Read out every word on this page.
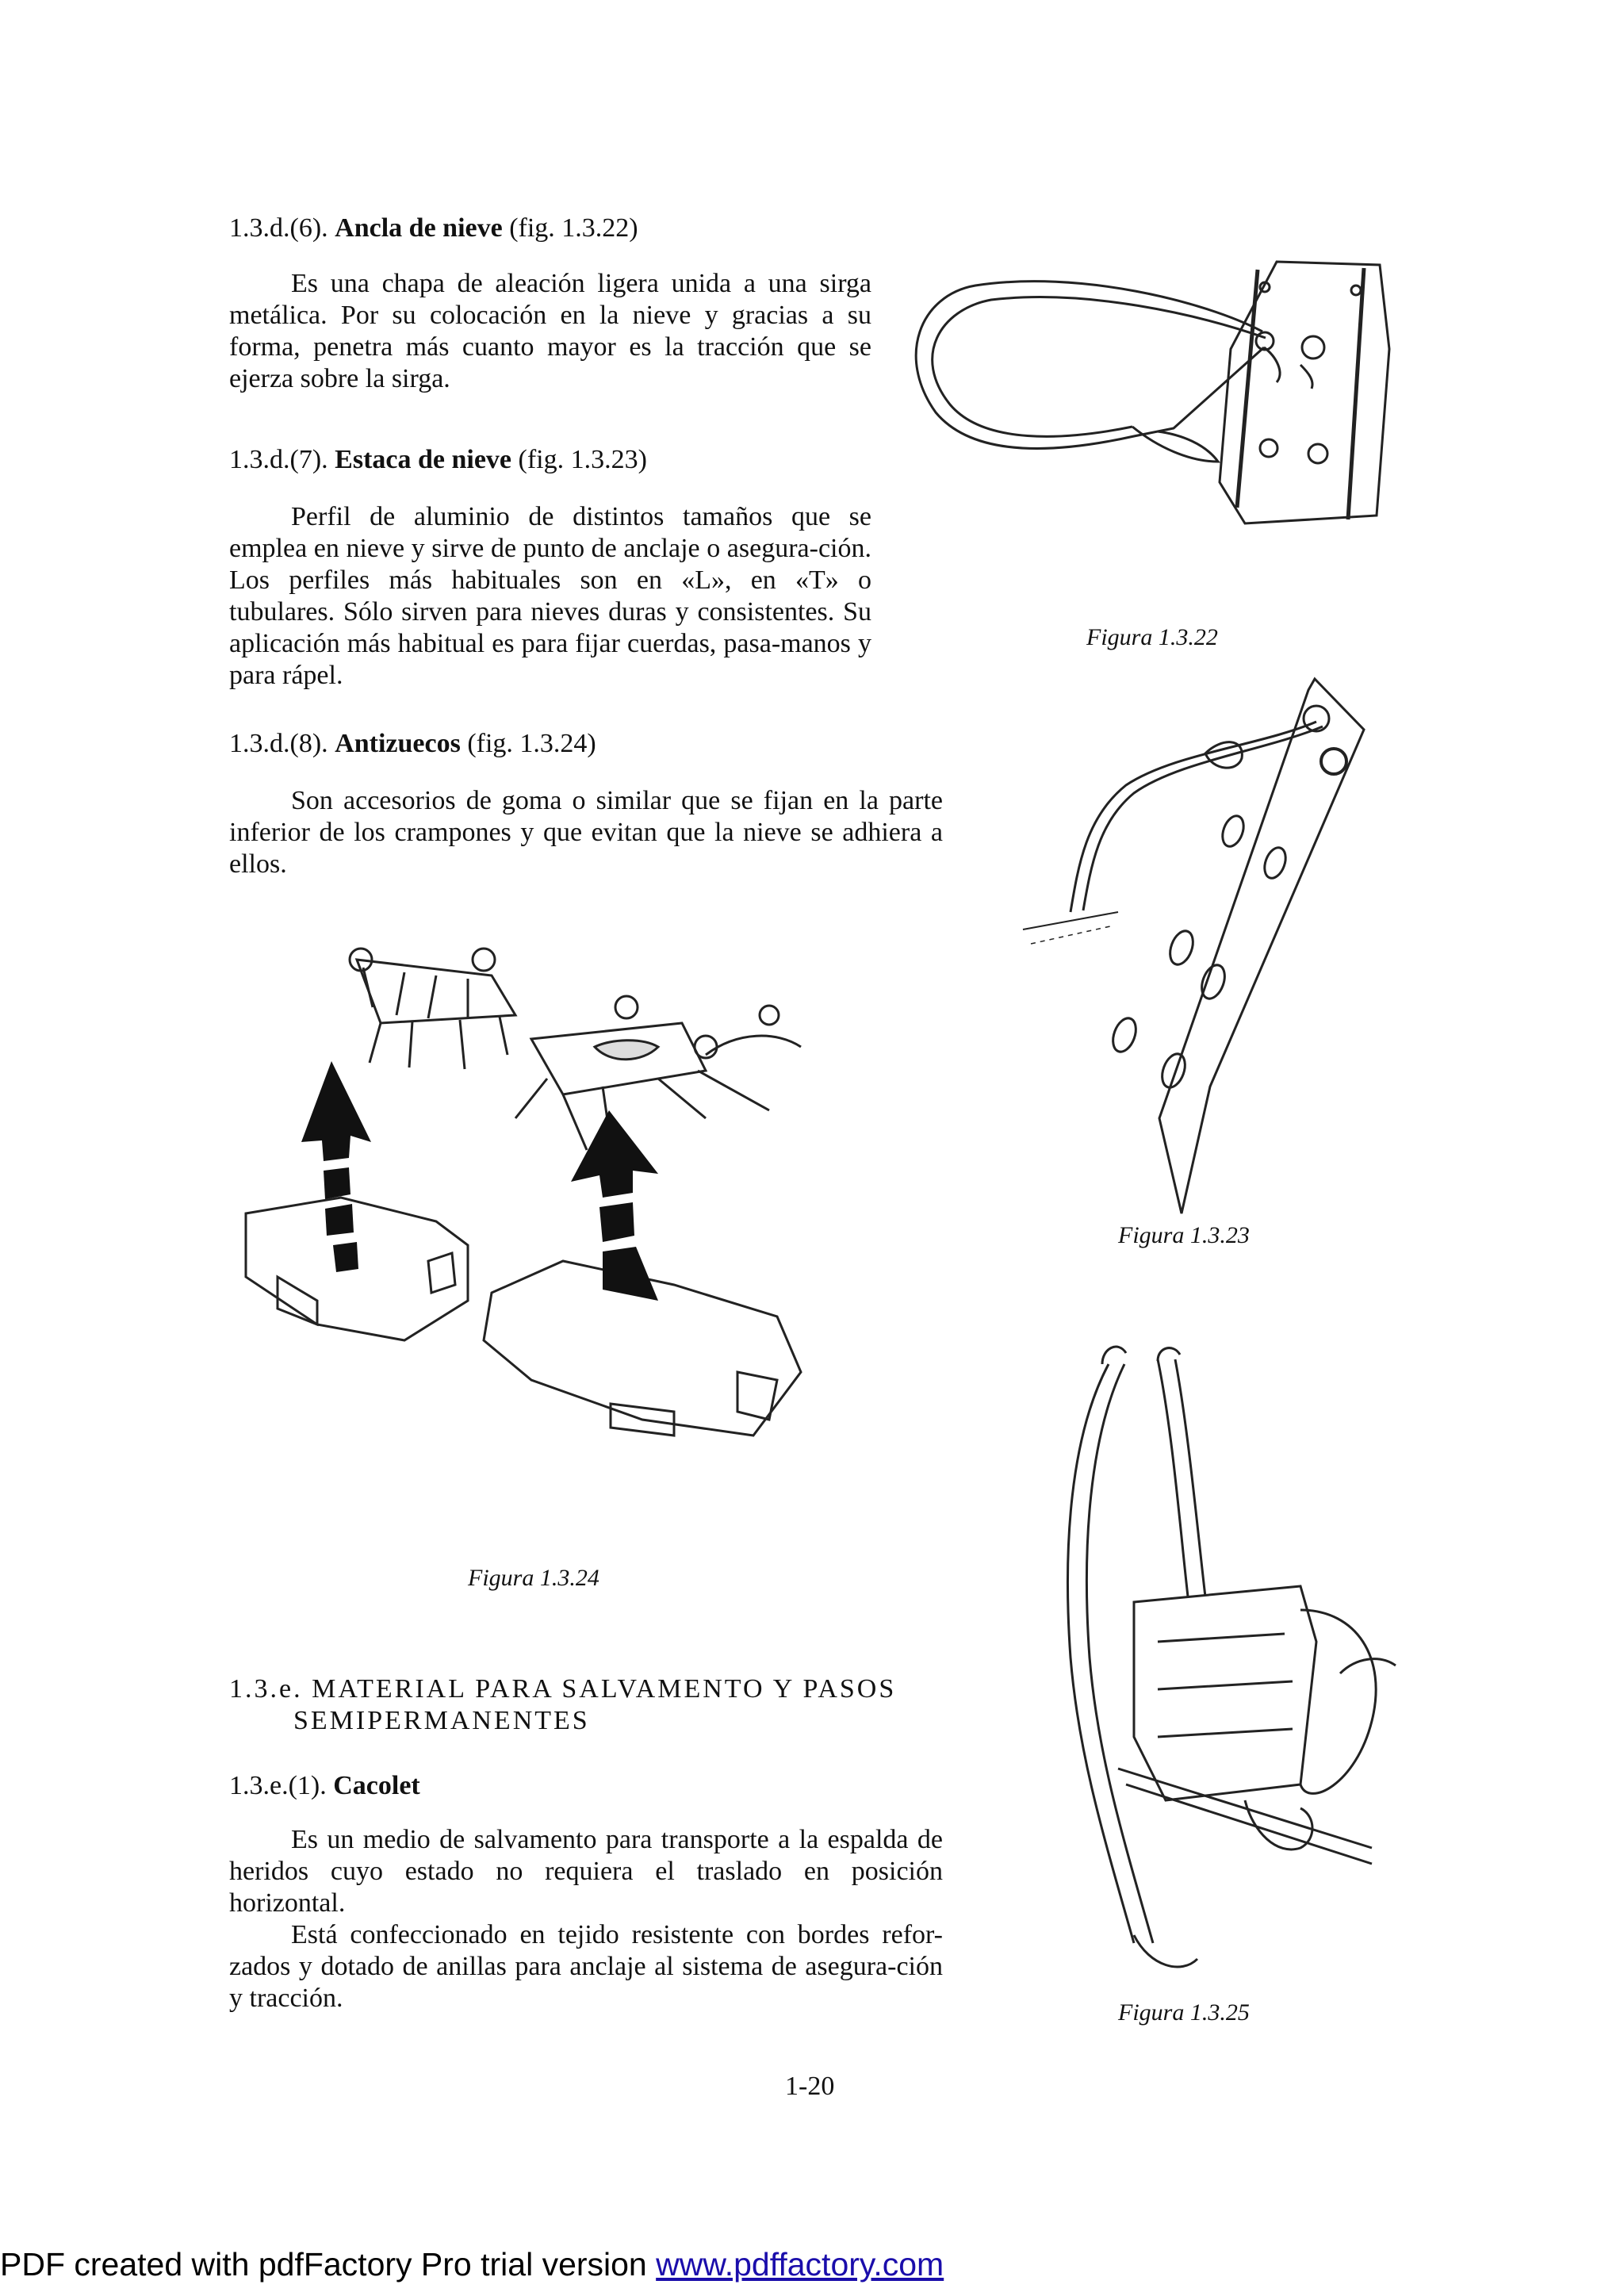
1.3.d.(6). Ancla de nieve (fig. 1.3.22)
Es una chapa de aleación ligera unida a una sirga metálica. Por su colocación en la nieve y gracias a su forma, penetra más cuanto mayor es la tracción que se ejerza sobre la sirga.
1.3.d.(7). Estaca de nieve (fig. 1.3.23)
Perfil de aluminio de distintos tamaños que se emplea en nieve y sirve de punto de anclaje o asegura-ción. Los perfiles más habituales son en «L», en «T» o tubulares. Sólo sirven para nieves duras y consistentes. Su aplicación más habitual es para fijar cuerdas, pasa-manos y para rápel.
1.3.d.(8). Antizuecos (fig. 1.3.24)
Son accesorios de goma o similar que se fijan en la parte inferior de los crampones y que evitan que la nieve se adhiera a ellos.
Figura 1.3.22
Figura 1.3.23
Figura 1.3.24
Figura 1.3.25
1.3.e. MATERIAL PARA SALVAMENTO Y PASOS
SEMIPERMANENTES
1.3.e.(1). Cacolet
Es un medio de salvamento para transporte a la espalda de heridos cuyo estado no requiera el traslado en posición horizontal.
Está confeccionado en tejido resistente con bordes refor-zados y dotado de anillas para anclaje al sistema de asegura-ción y tracción.
1-20
PDF created with pdfFactory Pro trial version www.pdffactory.com
